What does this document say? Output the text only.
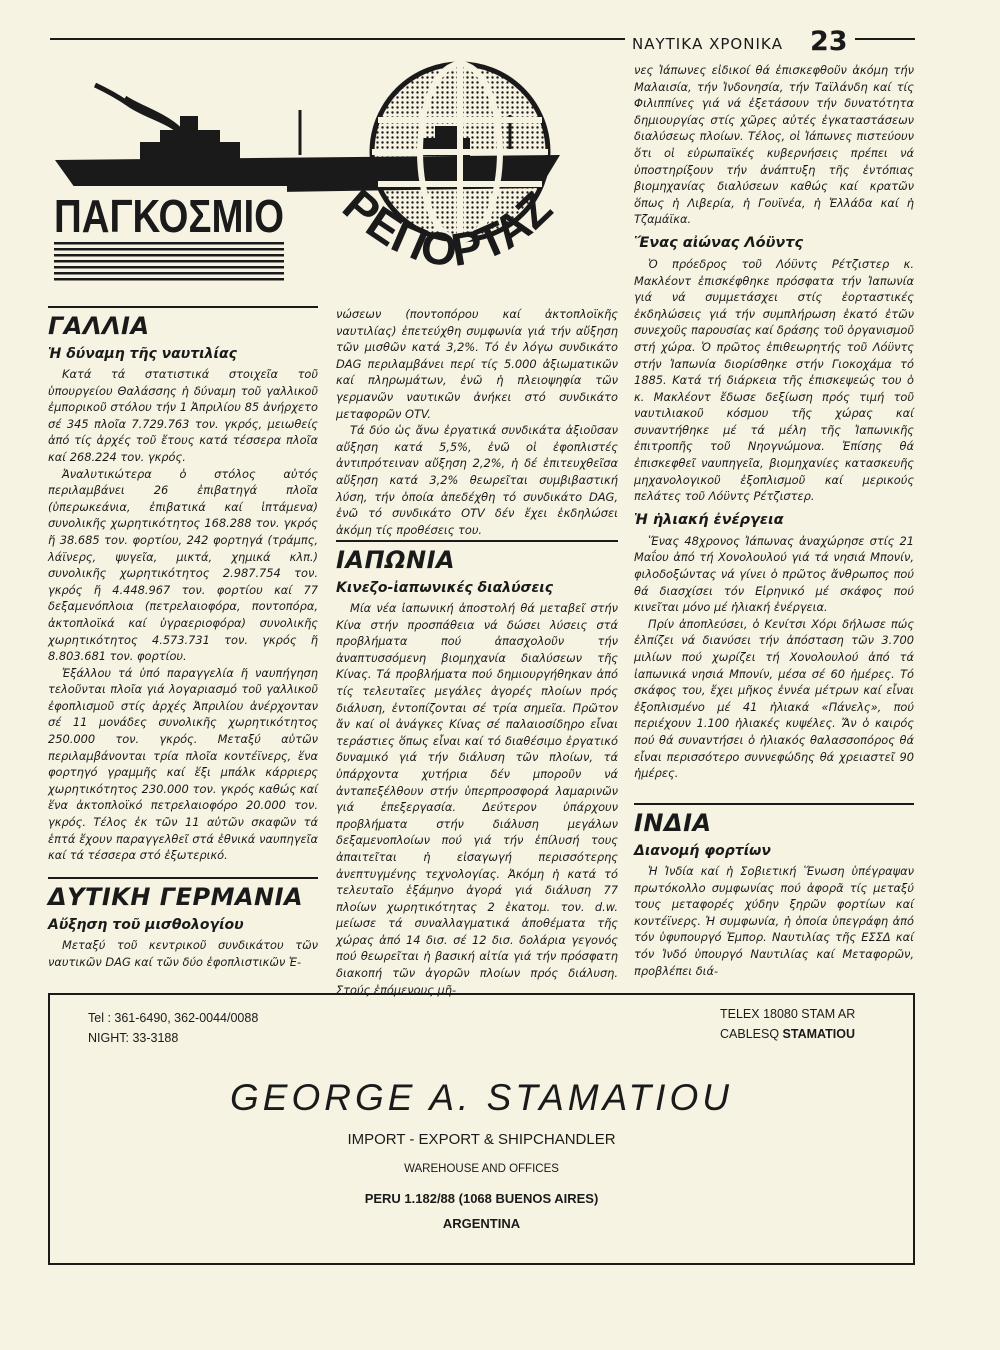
ΝΑΥΤΙΚΑ ΧΡΟΝΙΚΑ 23
ΠΑΓΚΟΣΜΙΟ ΡΕΠΟΡΤΑΖ
ΓΑΛΛΙΑ
Ἡ δύναμη τῆς ναυτιλίας

Κατά τά στατιστικά στοιχεῖα τοῦ ὑπουργείου Θαλάσσης ἡ δύναμη τοῦ γαλλικοῦ ἐμπορικοῦ στόλου τήν 1 Ἀπριλίου 85 ἀνήρχετο σέ 345 πλοῖα 7.729.763 τον. γκρός, μειωθείς ἀπό τίς ἀρχές τοῦ ἔτους κατά τέσσερα πλοῖα καί 268.224 τον. γκρός.

Ἀναλυτικώτερα ὁ στόλος αὐτός περιλαμβάνει 26 ἐπιβατηγά πλοῖα (ὑπερωκεάνια, ἐπιβατικά καί ἱπτάμενα) συνολικῆς χωρητικότητος 168.288 τον. γκρός ἤ 38.685 τον. φορτίου, 242 φορτηγά (τράμπς, λάϊνερς, ψυγεῖα, μικτά, χημικά κλπ.) συνολικῆς χωρητικότητος 2.987.754 τον. γκρός ἤ 4.448.967 τον. φορτίου καί 77 δεξαμενόπλοια (πετρελαιοφόρα, ποντοπόρα, ἀκτοπλοϊκά καί ὑγραεριοφόρα) συνολικῆς χωρητικότητος 4.573.731 τον. γκρός ἤ 8.803.681 τον. φορτίου.

Ἐξάλλου τά ὑπό παραγγελία ἤ ναυπήγηση τελοῦνται πλοῖα γιά λογαριασμό τοῦ γαλλικοῦ ἐφοπλισμοῦ στίς ἀρχές Ἀπριλίου ἀνέρχονταν σέ 11 μονάδες συνολικῆς χωρητικότητος 250.000 τον. γκρός. Μεταξύ αὐτῶν περιλαμβάνονται τρία πλοῖα κοντέϊνερς, ἕνα φορτηγό γραμμῆς καί ἕξι μπάλκ κάρριερς χωρητικότητος 230.000 τον. γκρός καθώς καί ἕνα ἀκτοπλοϊκό πετρελαιοφόρο 20.000 τον. γκρός. Τέλος ἐκ τῶν 11 αὐτῶν σκαφῶν τά ἑπτά ἔχουν παραγγελθεῖ στά ἐθνικά ναυπηγεῖα καί τά τέσσερα στό ἐξωτερικό.

ΔΥΤΙΚΗ ΓΕΡΜΑΝΙΑ
Αὔξηση τοῦ μισθολογίου

Μεταξύ τοῦ κεντρικοῦ συνδικάτου τῶν ναυτικῶν DAG καί τῶν δύο ἐφοπλιστικῶν Ἑ-

νώσεων (ποντοπόρου καί ἀκτοπλοϊκῆς ναυτιλίας) ἐπετεύχθη συμφωνία γιά τήν αὔξηση τῶν μισθῶν κατά 3,2%. Τό ἐν λόγω συνδικάτο DAG περιλαμβάνει περί τίς 5.000 ἀξιωματικῶν καί πληρωμάτων, ἐνῶ ἡ πλειοψηφία τῶν γερμανῶν ναυτικῶν ἀνήκει στό συνδικάτο μεταφορῶν OTV.

Τά δύο ὡς ἄνω ἐργατικά συνδικάτα ἀξιοῦσαν αὔξηση κατά 5,5%, ἐνῶ οἱ ἐφοπλιστές ἀντιπρότειναν αὔξηση 2,2%, ἡ δέ ἐπιτευχθεῖσα αὔξηση κατά 3,2% θεωρεῖται συμβιβαστική λύση, τήν ὁποία ἀπεδέχθη τό συνδικάτο DAG, ἐνῶ τό συνδικάτο OTV δέν ἔχει ἐκδηλώσει ἀκόμη τίς προθέσεις του.

ΙΑΠΩΝΙΑ
Κινεζο-ἰαπωνικές διαλύσεις

Μία νέα ἰαπωνική ἀποστολή θά μεταβεῖ στήν Κίνα στήν προσπάθεια νά δώσει λύσεις στά προβλήματα πού ἀπασχολοῦν τήν ἀναπτυσσόμενη βιομηχανία διαλύσεων τῆς Κίνας. Τά προβλήματα πού δημιουργήθηκαν ἀπό τίς τελευταῖες μεγάλες ἀγορές πλοίων πρός διάλυση, ἐντοπίζονται σέ τρία σημεῖα. Πρῶτον ἄν καί οἱ ἀνάγκες Κίνας σέ παλαιοσίδηρο εἶναι τεράστιες ὅπως εἶναι καί τό διαθέσιμο ἐργατικό δυναμικό γιά τήν διάλυση τῶν πλοίων, τά ὑπάρχοντα χυτήρια δέν μποροῦν νά ἀνταπεξέλθουν στήν ὑπερπροσφορά λαμαρινῶν γιά ἐπεξεργασία. Δεύτερον ὑπάρχουν προβλήματα στήν διάλυση μεγάλων δεξαμενοπλοίων πού γιά τήν ἐπίλυσή τους ἀπαιτεῖται ἡ εἰσαγωγή περισσότερης ἀνεπτυγμένης τεχνολογίας. Ἀκόμη ἡ κατά τό τελευταῖο ἑξάμηνο ἀγορά γιά διάλυση 77 πλοίων χωρητικότητας 2 ἑκατομ. τον. d.w. μείωσε τά συναλλαγματικά ἀποθέματα τῆς χώρας ἀπό 14 δισ. σέ 12 δισ. δολάρια γεγονός πού θεωρεῖται ἡ βασική αἰτία γιά τήν πρόσφατη διακοπή τῶν ἀγορῶν πλοίων πρός διάλυση. Στούς ἑπόμενους μῆ-

νες Ἰάπωνες εἰδικοί θά ἐπισκεφθοῦν ἀκόμη τήν Μαλαισία, τήν Ἰνδονησία, τήν Ταϊλάνδη καί τίς Φιλιππίνες γιά νά ἐξετάσουν τήν δυνατότητα δημιουργίας στίς χῶρες αὐτές ἐγκαταστάσεων διαλύσεως πλοίων. Τέλος, οἱ Ἰάπωνες πιστεύουν ὅτι οἱ εὐρωπαϊκές κυβερνήσεις πρέπει νά ὑποστηρίξουν τήν ἀνάπτυξη τῆς ἐντόπιας βιομηχανίας διαλύσεων καθώς καί κρατῶν ὅπως ἡ Λιβερία, ἡ Γουϊνέα, ἡ Ἑλλάδα καί ἡ Τζαμάϊκα.

Ἕνας αἰώνας Λόϋντς

Ὁ πρόεδρος τοῦ Λόϋντς Ρέτζιστερ κ. Μακλέοντ ἐπισκέφθηκε πρόσφατα τήν Ἰαπωνία γιά νά συμμετάσχει στίς ἑορταστικές ἐκδηλώσεις γιά τήν συμπλήρωση ἑκατό ἐτῶν συνεχοῦς παρουσίας καί δράσης τοῦ ὀργανισμοῦ στή χώρα. Ὁ πρῶτος ἐπιθεωρητής τοῦ Λόϋντς στήν Ἰαπωνία διορίσθηκε στήν Γιοκοχάμα τό 1885. Κατά τή διάρκεια τῆς ἐπισκεψεώς του ὁ κ. Μακλέοντ ἔδωσε δεξίωση πρός τιμή τοῦ ναυτιλιακοῦ κόσμου τῆς χώρας καί συναντήθηκε μέ τά μέλη τῆς Ἰαπωνικῆς ἐπιτροπῆς τοῦ Νηογνώμονα. Ἐπίσης θά ἐπισκεφθεῖ ναυπηγεῖα, βιομηχανίες κατασκευῆς μηχανολογικοῦ ἐξοπλισμοῦ καί μερικούς πελάτες τοῦ Λόϋντς Ρέτζιστερ.

Ἡ ἡλιακή ἐνέργεια

Ἕνας 48χρονος Ἰάπωνας ἀναχώρησε στίς 21 Μαΐου ἀπό τή Χονολουλού γιά τά νησιά Μπονίν, φιλοδοξώντας νά γίνει ὁ πρῶτος ἄνθρωπος πού θά διασχίσει τόν Εἰρηνικό μέ σκάφος πού κινεῖται μόνο μέ ἡλιακή ἐνέργεια.

Πρίν ἀποπλεύσει, ὁ Κενίτσι Χόρι δήλωσε πώς ἐλπίζει νά διανύσει τήν ἀπόσταση τῶν 3.700 μιλίων πού χωρίζει τή Χονολουλού ἀπό τά ἰαπωνικά νησιά Μπονίν, μέσα σέ 60 ἡμέρες. Τό σκάφος του, ἔχει μῆκος ἐννέα μέτρων καί εἶναι ἐξοπλισμένο μέ 41 ἡλιακά «Πάνελς», πού περιέχουν 1.100 ἡλιακές κυψέλες. Ἄν ὁ καιρός πού θά συναντήσει ὁ ἡλιακός θαλασσοπόρος θά εἶναι περισσότερο συννεφώδης θά χρειαστεῖ 90 ἡμέρες.

ΙΝΔΙΑ
Διανομή φορτίων

Ἡ Ἰνδία καί ἡ Σοβιετική Ἕνωση ὑπέγραψαν πρωτόκολλο συμφωνίας πού ἀφορᾶ τίς μεταξύ τους μεταφορές χύδην ξηρῶν φορτίων καί κοντέϊνερς. Ἡ συμφωνία, ἡ ὁποία ὑπεγράφη ἀπό τόν ὑφυπουργό Ἐμπορ. Ναυτιλίας τῆς ΕΣΣΔ καί τόν Ἰνδό ὑπουργό Ναυτιλίας καί Μεταφορῶν, προβλέπει διά-

Tel : 361-6490, 362-0044/0088
NIGHT: 33-3188
TELEX 18080 STAM AR
CABLESQ STAMATIOU
GEORGE A. STAMATIOU
IMPORT - EXPORT & SHIPCHANDLER
WAREHOUSE AND OFFICES
PERU 1.182/88 (1068 BUENOS AIRES)
ARGENTINA
